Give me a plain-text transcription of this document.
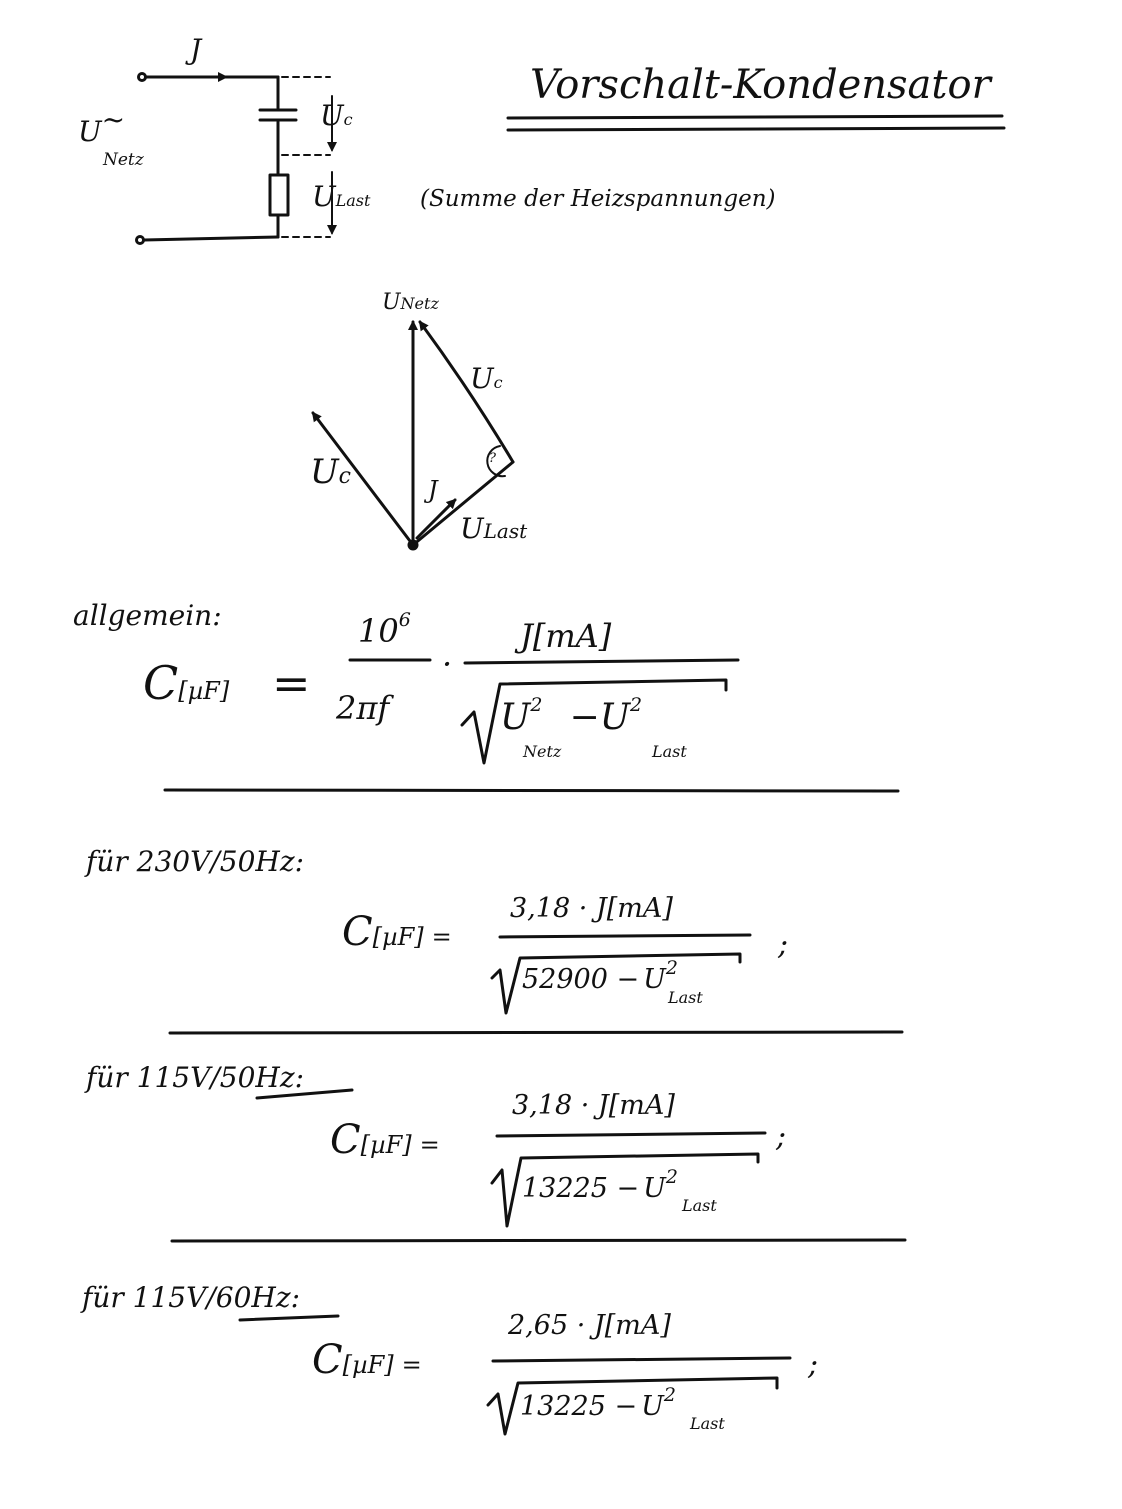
Vorschalt-Kondensator
J
U~
Netz
Uc
ULast (Summe der Heizspannungen)
UNetz
Uc
Uc	J
ULast
?
allgemein:
C[µF] =
106
2πf
·
J[mA]
U2 −U2
Netz	Last
für 230V/50Hz:
C[µF] =
3,18 · J[mA]
52900 − U2
Last
;
für 115V/50Hz:
C[µF] =
3,18 · J[mA]
13225 − U2
Last
;
für 115V/60Hz:
C[µF] =
2,65 · J[mA]
13225 − U2
Last
;
